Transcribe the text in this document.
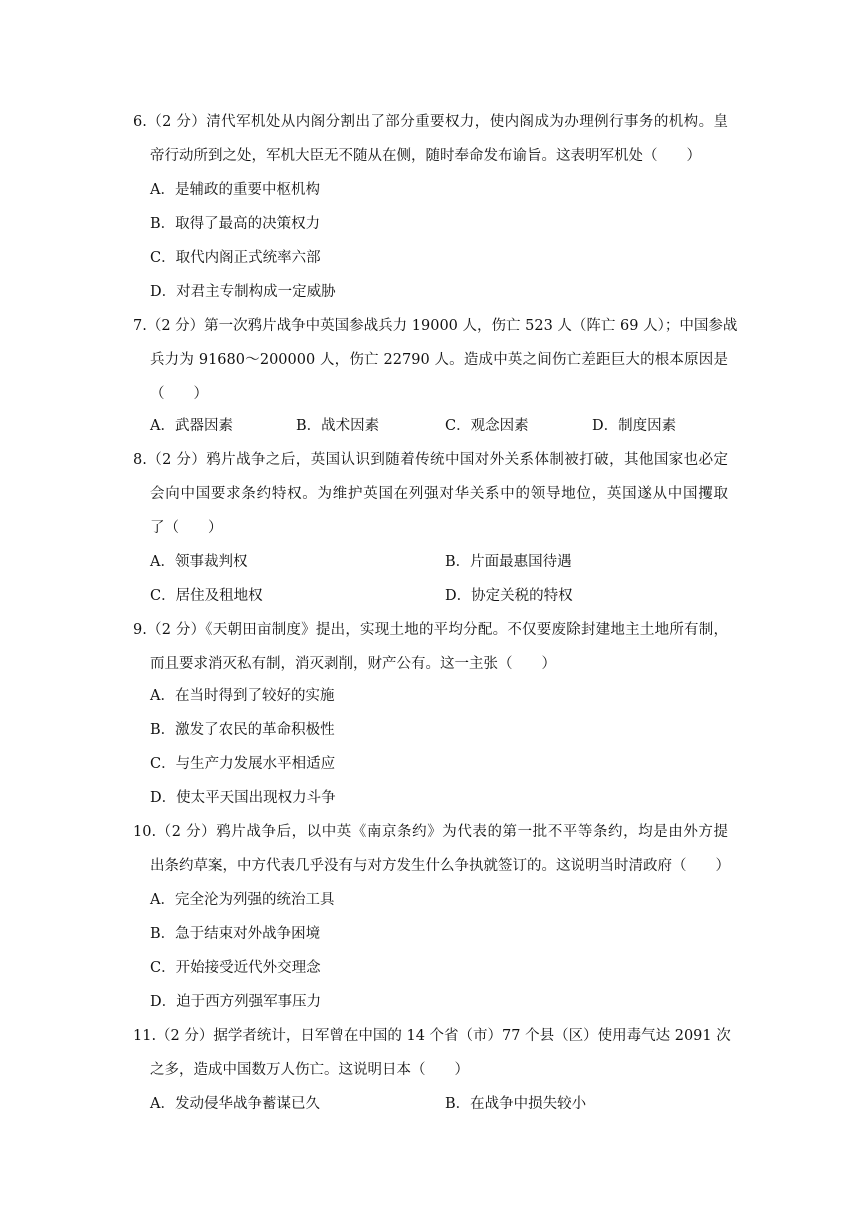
6.（2 分）清代军机处从内阁分割出了部分重要权力，使内阁成为办理例行事务的机构。皇
帝行动所到之处，军机大臣无不随从在侧，随时奉命发布谕旨。这表明军机处（　　）
A．是辅政的重要中枢机构
B．取得了最高的决策权力
C．取代内阁正式统率六部
D．对君主专制构成一定威胁
7.（2 分）第一次鸦片战争中英国参战兵力 19000 人，伤亡 523 人（阵亡 69 人）；中国参战
兵力为 91680～200000 人，伤亡 22790 人。造成中英之间伤亡差距巨大的根本原因是
（　　）
A．武器因素	B．战术因素	C．观念因素	D．制度因素
8.（2 分）鸦片战争之后，英国认识到随着传统中国对外关系体制被打破，其他国家也必定
会向中国要求条约特权。为维护英国在列强对华关系中的领导地位，英国遂从中国攫取
了（　　）
A．领事裁判权	B．片面最惠国待遇
C．居住及租地权	D．协定关税的特权
9.（2 分）《天朝田亩制度》提出，实现土地的平均分配。不仅要废除封建地主土地所有制，
而且要求消灭私有制，消灭剥削，财产公有。这一主张（　　）
A．在当时得到了较好的实施
B．激发了农民的革命积极性
C．与生产力发展水平相适应
D．使太平天国出现权力斗争
10.（2 分）鸦片战争后，以中英《南京条约》为代表的第一批不平等条约，均是由外方提
出条约草案，中方代表几乎没有与对方发生什么争执就签订的。这说明当时清政府（　　）
A．完全沦为列强的统治工具
B．急于结束对外战争困境
C．开始接受近代外交理念
D．迫于西方列强军事压力
11.（2 分）据学者统计，日军曾在中国的 14 个省（市）77 个县（区）使用毒气达 2091 次
之多，造成中国数万人伤亡。这说明日本（　　）
A．发动侵华战争蓄谋已久	B．在战争中损失较小
